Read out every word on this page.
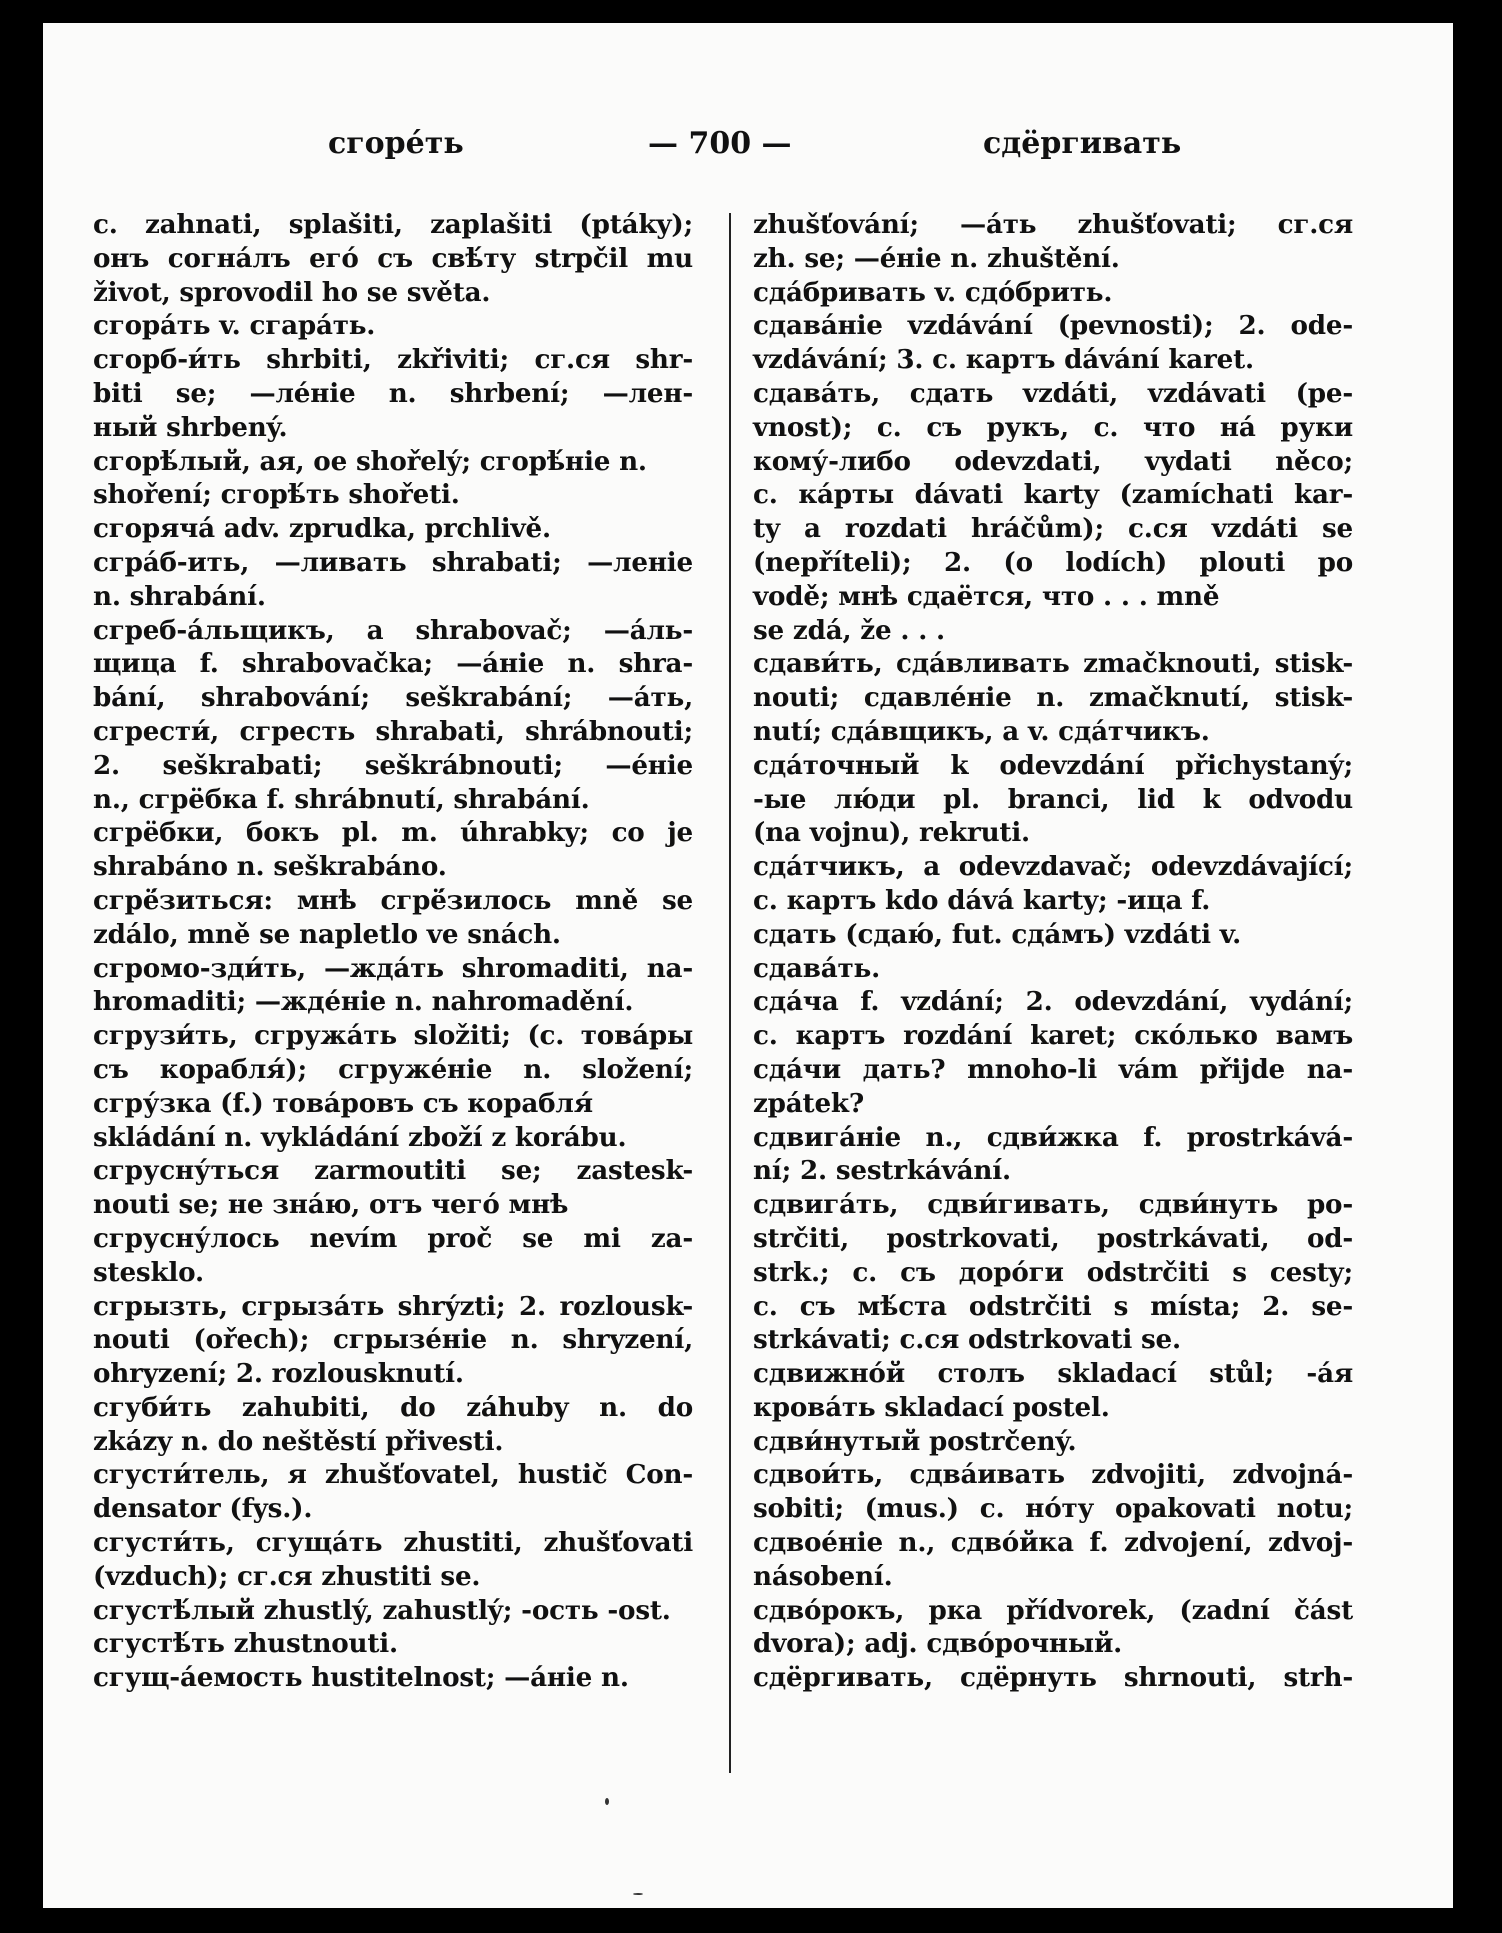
сгоре́ть	— 700 —	сдёргивать
с. zahnati, splašiti, zaplašiti (ptáky);
онъ согна́лъ его́ съ свѣ́ту strpčil mu
život, sprovodil ho se světa.
сгора́ть v. сгара́ть.
сгорб-и́ть shrbiti, zkřiviti; сг.ся shr-
biti se; —ле́ніе n. shrbení; —лен-
ный shrbený.
сгорѣ́лый, ая, ое shořelý; сгорѣ́ніе n.
shoření; сгорѣ́ть shořeti.
сгоряча́ adv. zprudka, prchlivě.
сгра́б-ить, —ливать shrabati; —леніе
n. shrabání.
сгреб-а́льщикъ, a shrabovač; —а́ль-
щица f. shrabovačka; —а́ніе n. shra-
bání, shrabování; seškrabání; —а́ть,
сгрести́, сгресть shrabati, shrábnouti;
2. seškrabati; seškrábnouti; —е́ніе
n., сгрёбка f. shrábnutí, shrabání.
сгрёбки, бокъ pl. m. úhrabky; co je
shrabáno n. seškrabáno.
сгрё́зиться: мнѣ сгрё́зилось mně se
zdálo, mně se napletlo ve snách.
сгромо-зди́ть, —жда́ть shromaditi, na-
hromaditi; —жде́ніе n. nahromadění.
сгрузи́ть, сгружа́ть složiti; (с. това́ры
съ корабля́); сгруже́ніе n. složení;
сгру́зка (f.) това́ровъ съ корабля́
skládání n. vykládání zboží z korábu.
сгрусну́ться zarmoutiti se; zastesk-
nouti se; не зна́ю, отъ чего́ мнѣ
сгрусну́лось nevím proč se mi za-
stesklo.
сгрызть, сгрыза́ть shrýzti; 2. rozlousk-
nouti (ořech); сгрызе́ніе n. shryzení,
ohryzení; 2. rozlousknutí.
сгуби́ть zahubiti, do záhuby n. do
zkázy n. do neštěstí přivesti.
сгусти́тель, я zhušťovatel, hustič Con-
densator (fys.).
сгусти́ть, сгуща́ть zhustiti, zhušťovati
(vzduch); сг.ся zhustiti se.
сгустѣ́лый zhustlý, zahustlý; -ость -ost.
сгустѣ́ть zhustnouti.
сгущ-а́емость hustitelnost; —а́ніе n.
zhušťování; —а́ть zhušťovati; сг.ся
zh. se; —е́ніе n. zhuštění.
сда́бривать v. сдо́брить.
сдава́ніе vzdávání (pevnosti); 2. ode-
vzdávání; 3. с. картъ dávání karet.
сдава́ть, сдать vzdáti, vzdávati (pe-
vnost); с. съ рукъ, с. что на́ руки
кому́-либо odevzdati, vydati něco;
с. ка́рты dávati karty (zamíchati kar-
ty a rozdati hráčům); с.ся vzdáti se
(nepříteli); 2. (o lodích) plouti po
vodě; мнѣ сдаётся, что . . . mně
se zdá, že . . .
сдави́ть, сда́вливать zmačknouti, stisk-
nouti; сдавле́ніе n. zmačknutí, stisk-
nutí; сда́вщикъ, a v. сда́тчикъ.
сда́точный k odevzdání přichystaný;
-ые лю́ди pl. branci, lid k odvodu
(na vojnu), rekruti.
сда́тчикъ, a odevzdavač; odevzdávající;
с. картъ kdo dává karty; -ица f.
сдать (сдаю́, fut. сда́мъ) vzdáti v.
сдава́ть.
сда́ча f. vzdání; 2. odevzdání, vydání;
с. картъ rozdání karet; ско́лько вамъ
сда́чи дать? mnoho-li vám přijde na-
zpátek?
сдвига́ніе n., сдви́жка f. prostrkává-
ní; 2. sestrkávání.
сдвига́ть, сдви́гивать, сдви́нуть po-
strčiti, postrkovati, postrkávati, od-
strk.; с. съ доро́ги odstrčiti s cesty;
с. съ мѣ́ста odstrčiti s místa; 2. se-
strkávati; с.ся odstrkovati se.
сдвижно́й столъ skladací stůl; -а́я
крова́ть skladací postel.
сдви́нутый postrčený.
сдвои́ть, сдва́ивать zdvojiti, zdvojná-
sobiti; (mus.) с. но́ту opakovati notu;
сдвое́ніе n., сдво́йка f. zdvojení, zdvoj-
násobení.
сдво́рокъ, рка přídvorek, (zadní část
dvora); adj. сдво́рочный.
сдёргивать, сдёрнуть shrnouti, strh-
